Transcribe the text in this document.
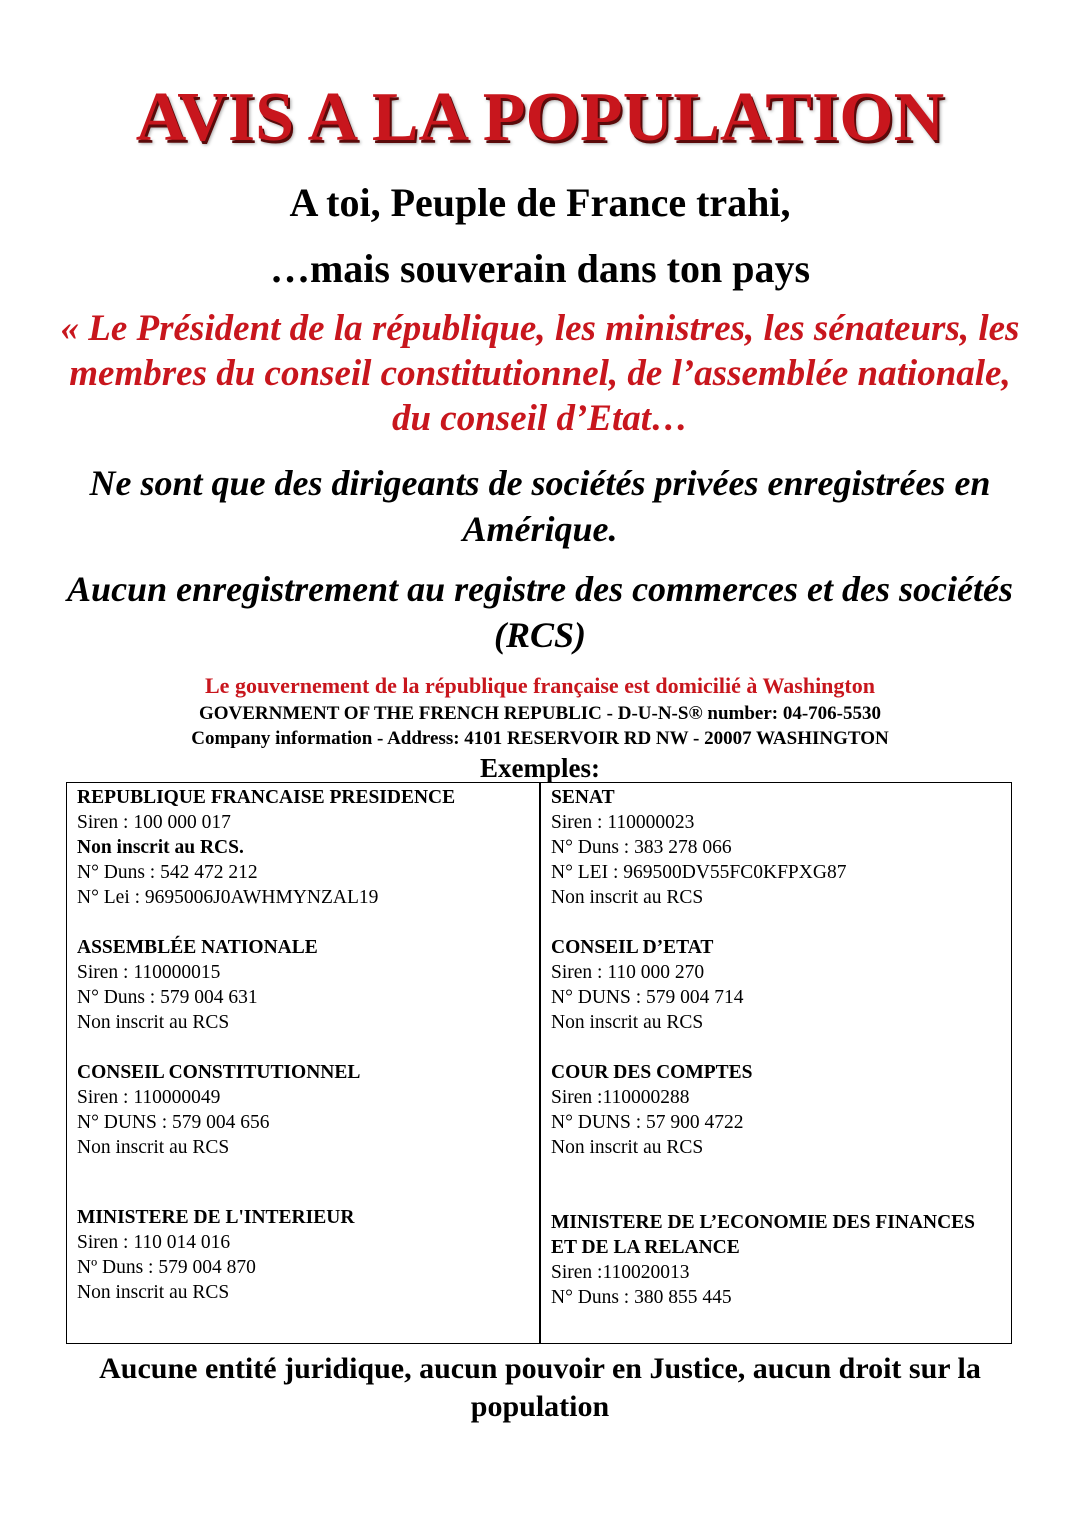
AVIS A LA POPULATION
A toi, Peuple de France trahi,
…mais souverain dans ton pays
« Le Président de la république, les ministres, les sénateurs, les membres du conseil constitutionnel, de l’assemblée nationale, du conseil d’Etat…
Ne sont que des dirigeants de sociétés privées enregistrées en Amérique.
Aucun enregistrement au registre des commerces et des sociétés (RCS)
Le gouvernement de la république française est domicilié à Washington
GOVERNMENT OF THE FRENCH REPUBLIC - D-U-N-S® number: 04-706-5530
Company information - Address: 4101 RESERVOIR RD NW - 20007 WASHINGTON
Exemples:
REPUBLIQUE FRANCAISE PRESIDENCE
Siren : 100 000 017
Non inscrit au RCS.
N° Duns : 542 472 212
N° Lei : 9695006J0AWHMYNZAL19
ASSEMBLÉE NATIONALE
Siren : 110000015
N° Duns : 579 004 631
Non inscrit au RCS
CONSEIL CONSTITUTIONNEL
Siren : 110000049
N° DUNS : 579 004 656
Non inscrit au RCS
MINISTERE DE L'INTERIEUR
Siren : 110 014 016
Nº Duns : 579 004 870
Non inscrit au RCS
SENAT
Siren : 110000023
N° Duns : 383 278 066
N° LEI : 969500DV55FC0KFPXG87
Non inscrit au RCS
CONSEIL D’ETAT
Siren : 110 000 270
N° DUNS : 579 004 714
Non inscrit au RCS
COUR DES COMPTES
Siren :110000288
N° DUNS : 57 900 4722
Non inscrit au RCS
MINISTERE DE L’ECONOMIE DES FINANCES
ET DE LA RELANCE
Siren :110020013
N° Duns : 380 855 445
Aucune entité juridique, aucun pouvoir en Justice, aucun droit sur la population
